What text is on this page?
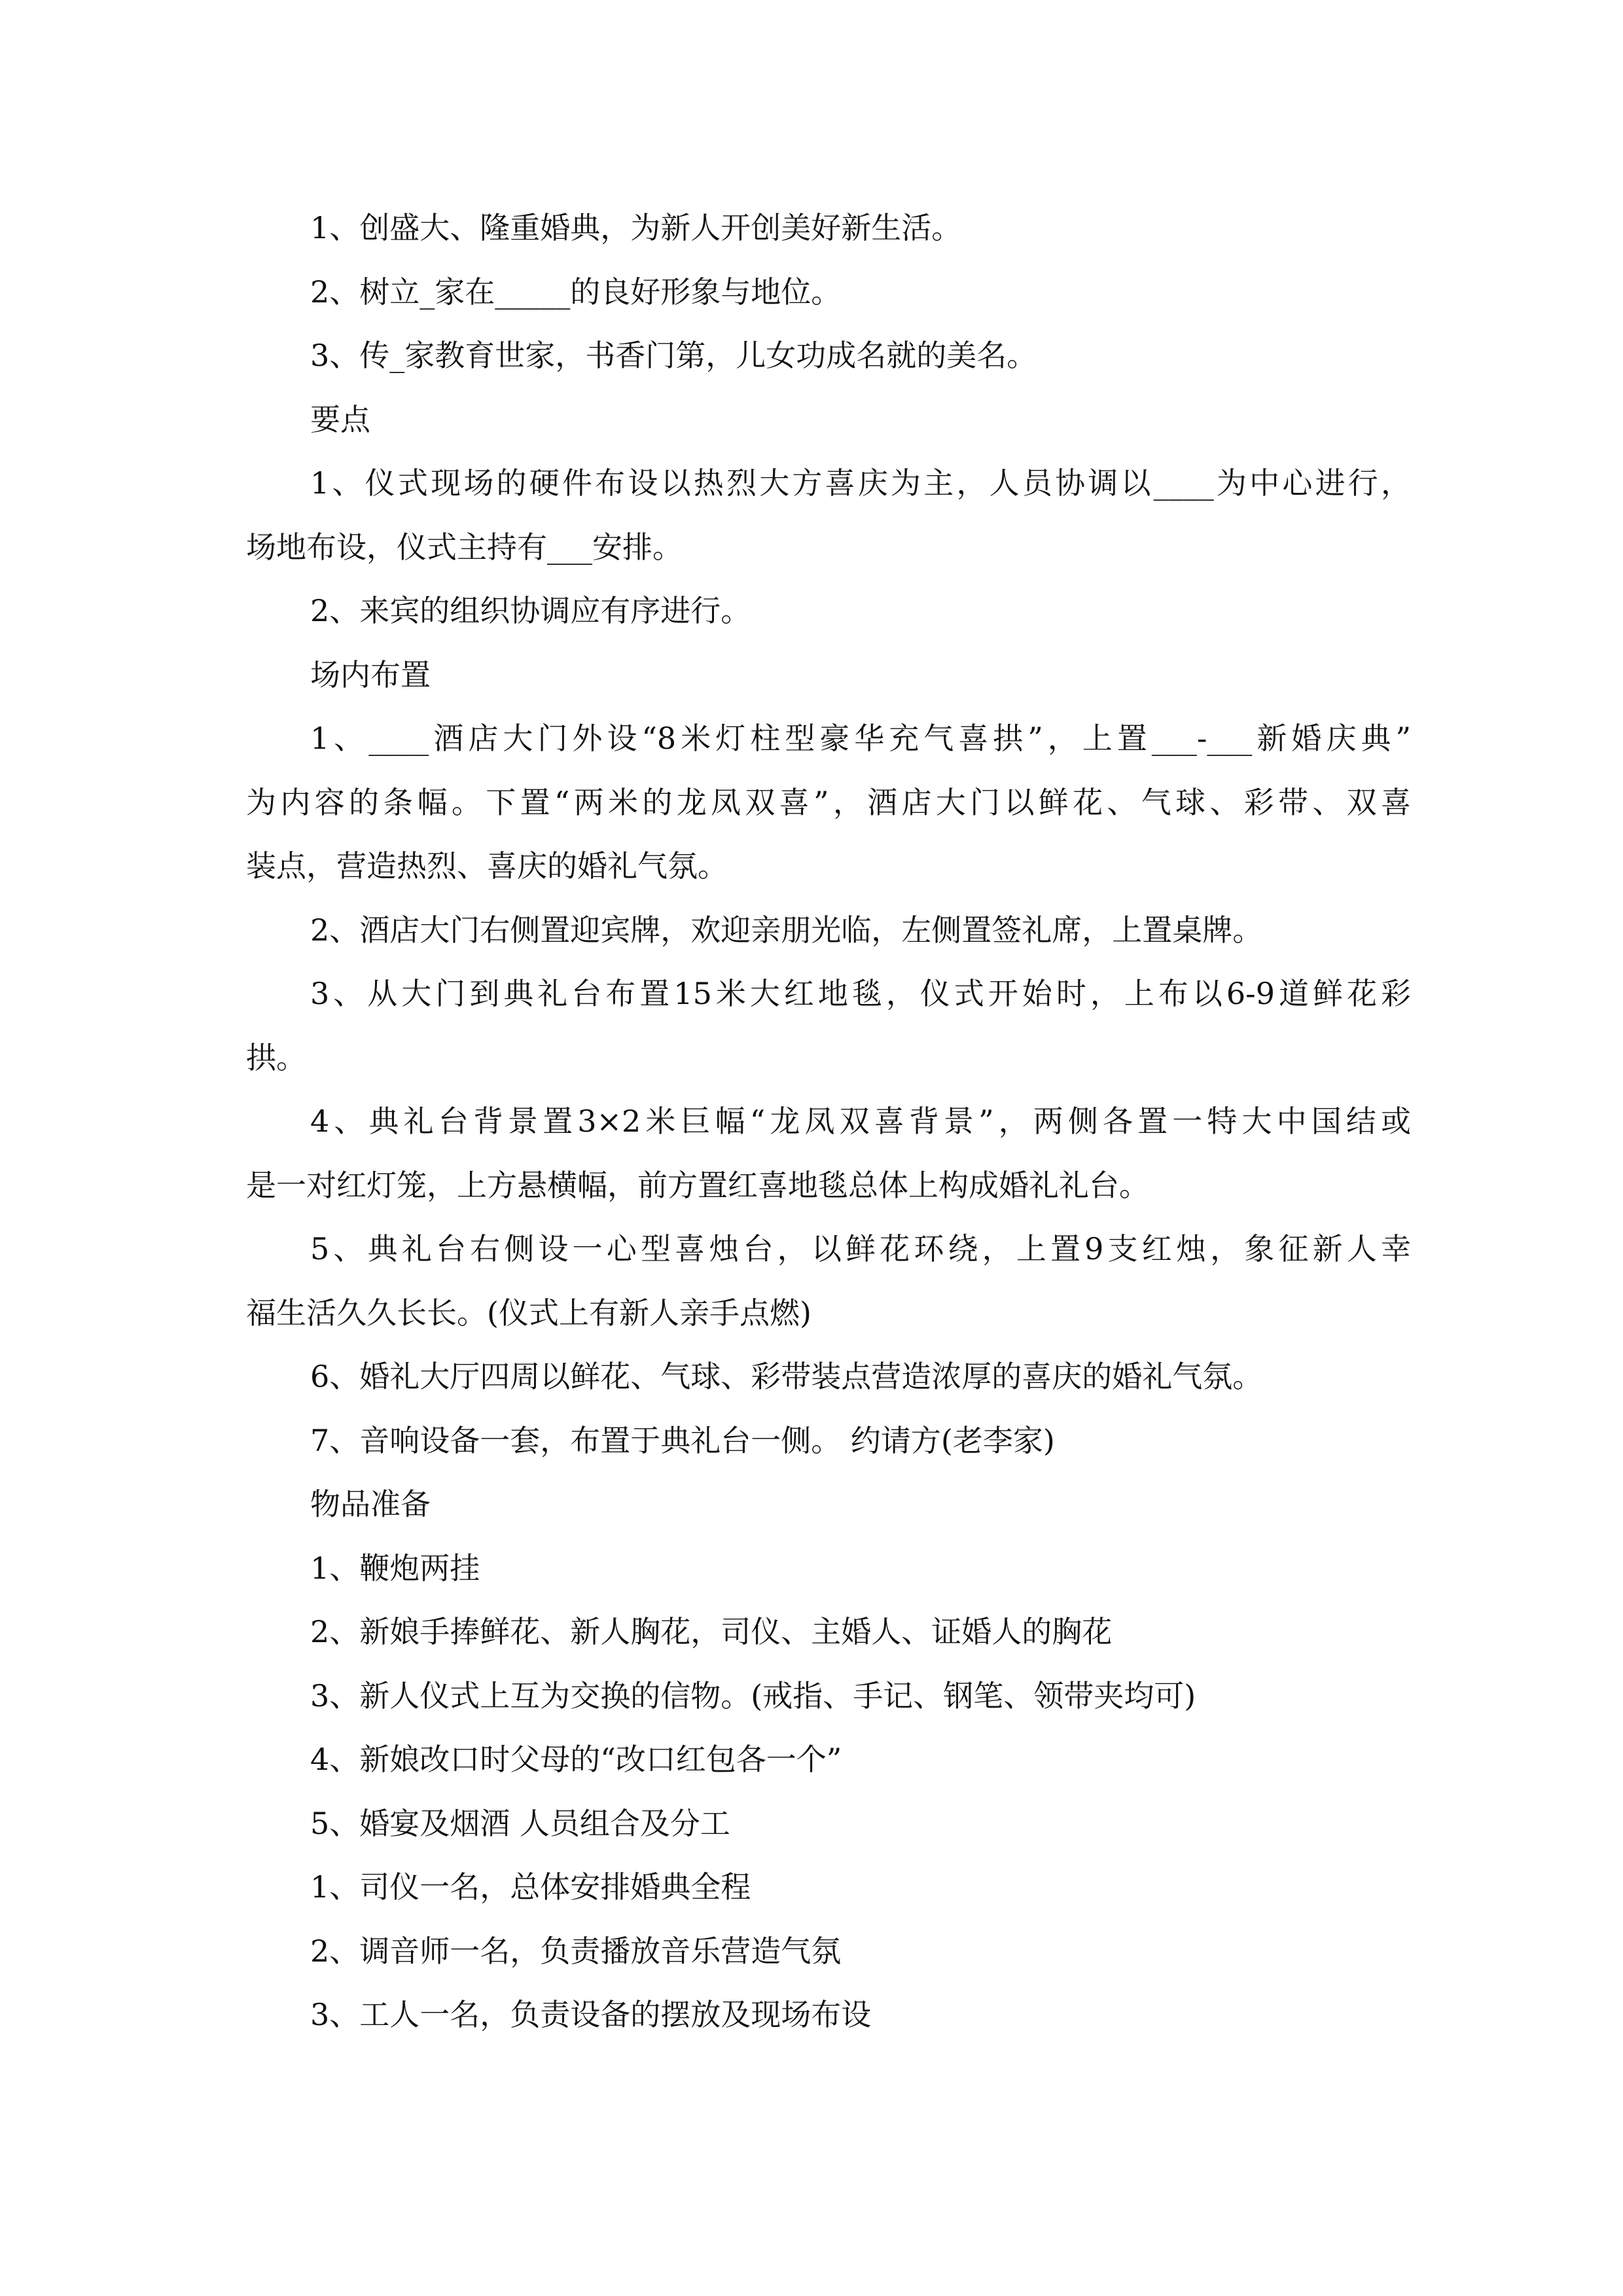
1、创盛大、隆重婚典，为新人开创美好新生活。
2、树立_家在_____的良好形象与地位。
3、传_家教育世家，书香门第，儿女功成名就的美名。
要点
1、仪式现场的硬件布设以热烈大方喜庆为主，人员协调以____为中心进行，
场地布设，仪式主持有___安排。
2、来宾的组织协调应有序进行。
场内布置
1、____酒店大门外设“8米灯柱型豪华充气喜拱”，上置___-___新婚庆典”
为内容的条幅。下置“两米的龙凤双喜”，酒店大门以鲜花、气球、彩带、双喜
装点，营造热烈、喜庆的婚礼气氛。
2、酒店大门右侧置迎宾牌，欢迎亲朋光临，左侧置签礼席，上置桌牌。
3、从大门到典礼台布置15米大红地毯，仪式开始时，上布以6-9道鲜花彩
拱。
4、典礼台背景置3×2米巨幅“龙凤双喜背景”，两侧各置一特大中国结或
是一对红灯笼，上方悬横幅，前方置红喜地毯总体上构成婚礼礼台。
5、典礼台右侧设一心型喜烛台，以鲜花环绕，上置9支红烛，象征新人幸
福生活久久长长。(仪式上有新人亲手点燃)
6、婚礼大厅四周以鲜花、气球、彩带装点营造浓厚的喜庆的婚礼气氛。
7、音响设备一套，布置于典礼台一侧。 约请方(老李家)
物品准备
1、鞭炮两挂
2、新娘手捧鲜花、新人胸花，司仪、主婚人、证婚人的胸花
3、新人仪式上互为交换的信物。(戒指、手记、钢笔、领带夹均可)
4、新娘改口时父母的“改口红包各一个”
5、婚宴及烟酒 人员组合及分工
1、司仪一名，总体安排婚典全程
2、调音师一名，负责播放音乐营造气氛
3、工人一名，负责设备的摆放及现场布设
